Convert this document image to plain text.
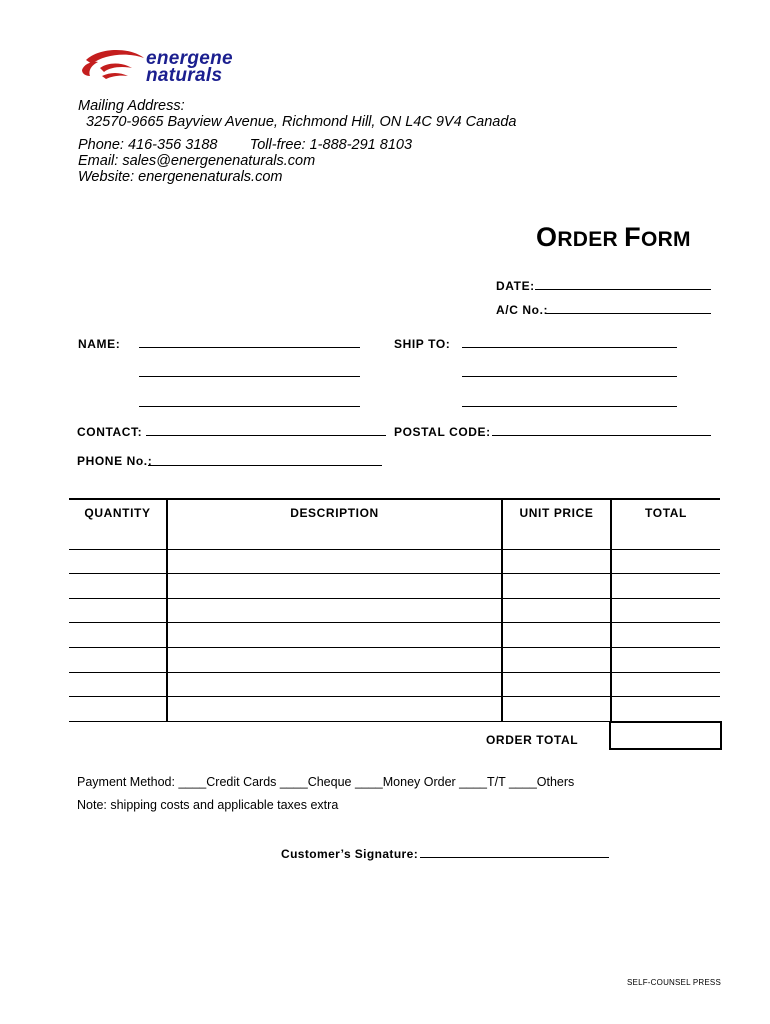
energene
naturals
Mailing Address:
32570-9665 Bayview Avenue, Richmond Hill, ON L4C 9V4 Canada
Phone: 416-356 3188        Toll-free: 1-888-291 8103
Email: sales@energenenaturals.com
Website: energenenaturals.com
ORDER FORM
DATE:
A/C No.:
NAME:	SHIP TO:
CONTACT:	POSTAL CODE:
PHONE No.:
QUANTITY	DESCRIPTION	UNIT PRICE	TOTAL

ORDER TOTAL
Payment Method: ____Credit Cards ____Cheque ____Money Order ____T/T ____Others
Note: shipping costs and applicable taxes extra
Customer’s Signature:
SELF-COUNSEL PRESS
